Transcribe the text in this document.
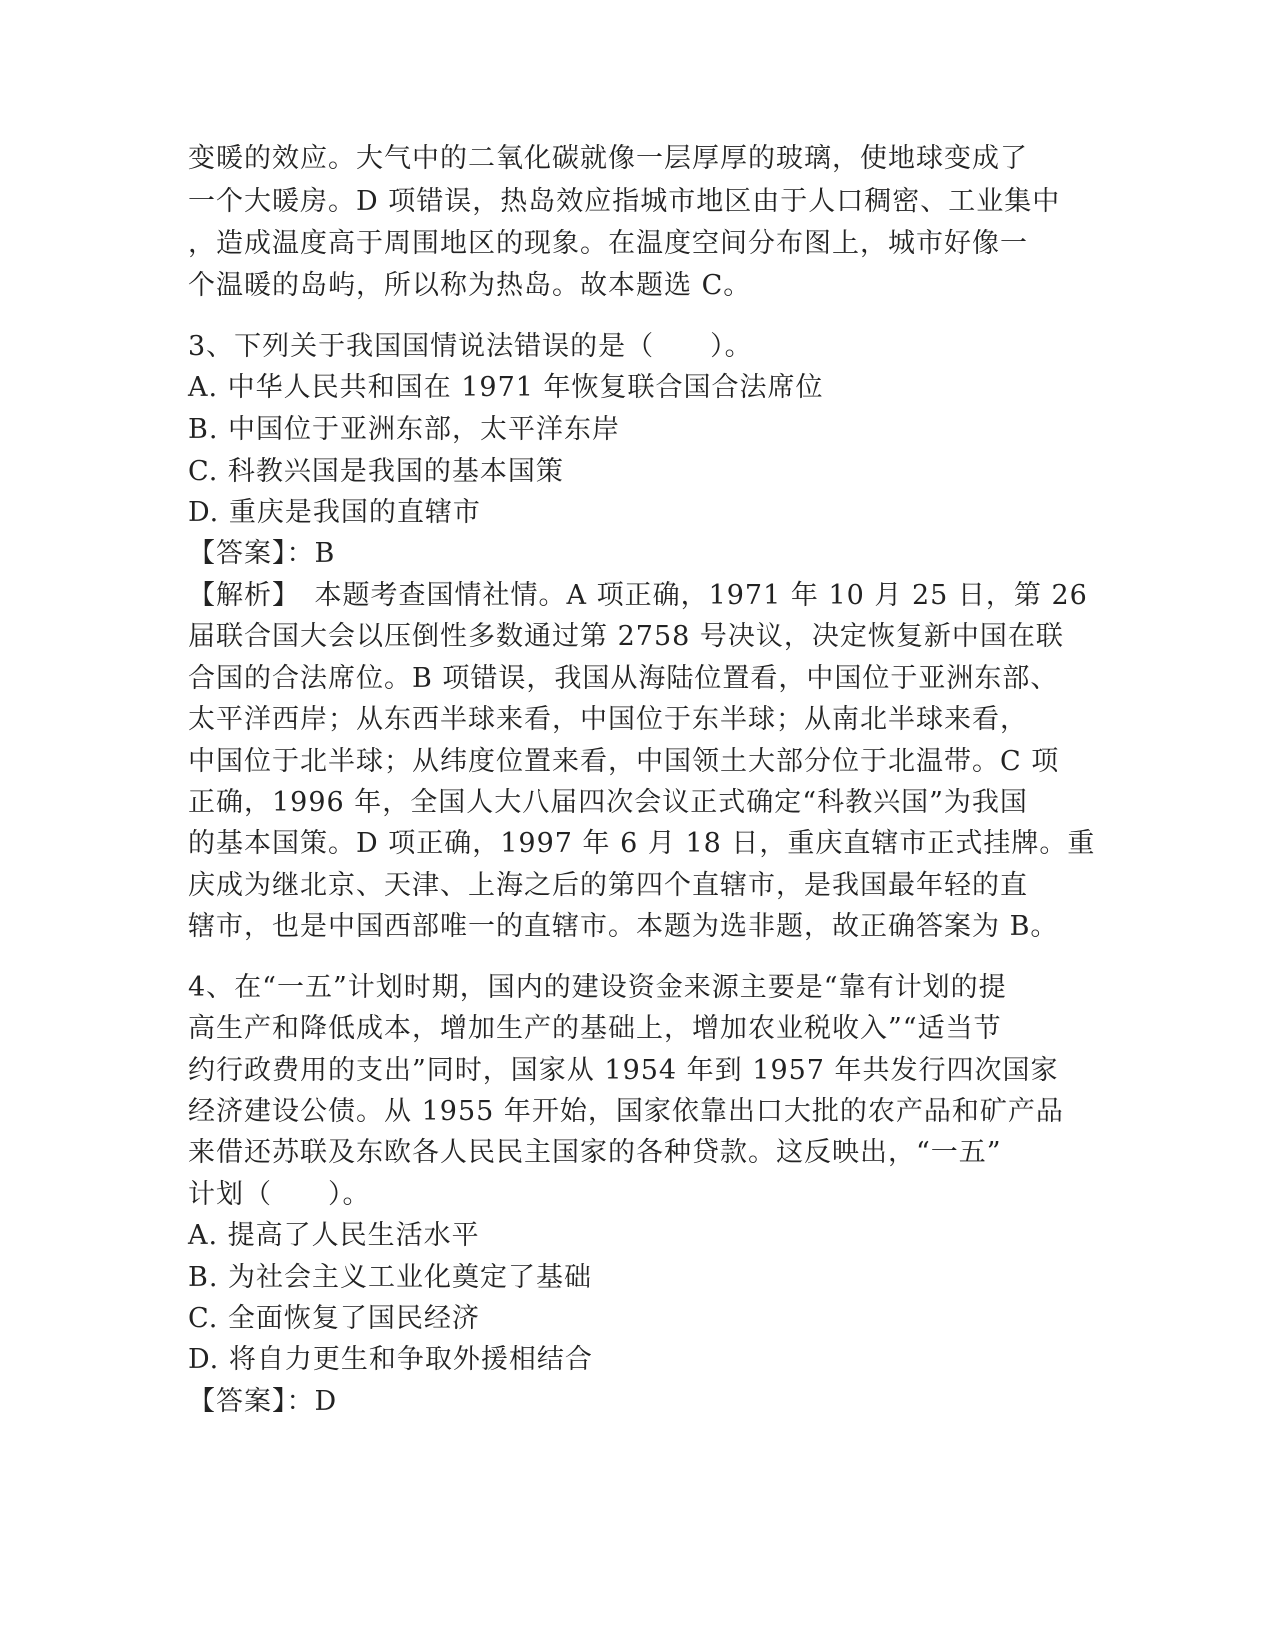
变暖的效应。大气中的二氧化碳就像一层厚厚的玻璃，使地球变成了
一个大暖房。D 项错误，热岛效应指城市地区由于人口稠密、工业集中
，造成温度高于周围地区的现象。在温度空间分布图上，城市好像一
个温暖的岛屿，所以称为热岛。故本题选 C。
3、下列关于我国国情说法错误的是（　　）。
A. 中华人民共和国在 1971 年恢复联合国合法席位
B. 中国位于亚洲东部，太平洋东岸
C. 科教兴国是我国的基本国策
D. 重庆是我国的直辖市
【答案】：B
【解析】　本题考查国情社情。A 项正确，1971 年 10 月 25 日，第 26
届联合国大会以压倒性多数通过第 2758 号决议，决定恢复新中国在联
合国的合法席位。B 项错误，我国从海陆位置看，中国位于亚洲东部、
太平洋西岸；从东西半球来看，中国位于东半球；从南北半球来看，
中国位于北半球；从纬度位置来看，中国领土大部分位于北温带。C 项
正确，1996 年，全国人大八届四次会议正式确定“科教兴国”为我国
的基本国策。D 项正确，1997 年 6 月 18 日，重庆直辖市正式挂牌。重
庆成为继北京、天津、上海之后的第四个直辖市，是我国最年轻的直
辖市，也是中国西部唯一的直辖市。本题为选非题，故正确答案为 B。
4、在“一五”计划时期，国内的建设资金来源主要是“靠有计划的提
高生产和降低成本，增加生产的基础上，增加农业税收入”“适当节
约行政费用的支出”同时，国家从 1954 年到 1957 年共发行四次国家
经济建设公债。从 1955 年开始，国家依靠出口大批的农产品和矿产品
来借还苏联及东欧各人民民主国家的各种贷款。这反映出，“一五”
计划（　　）。
A. 提高了人民生活水平
B. 为社会主义工业化奠定了基础
C. 全面恢复了国民经济
D. 将自力更生和争取外援相结合
【答案】：D
